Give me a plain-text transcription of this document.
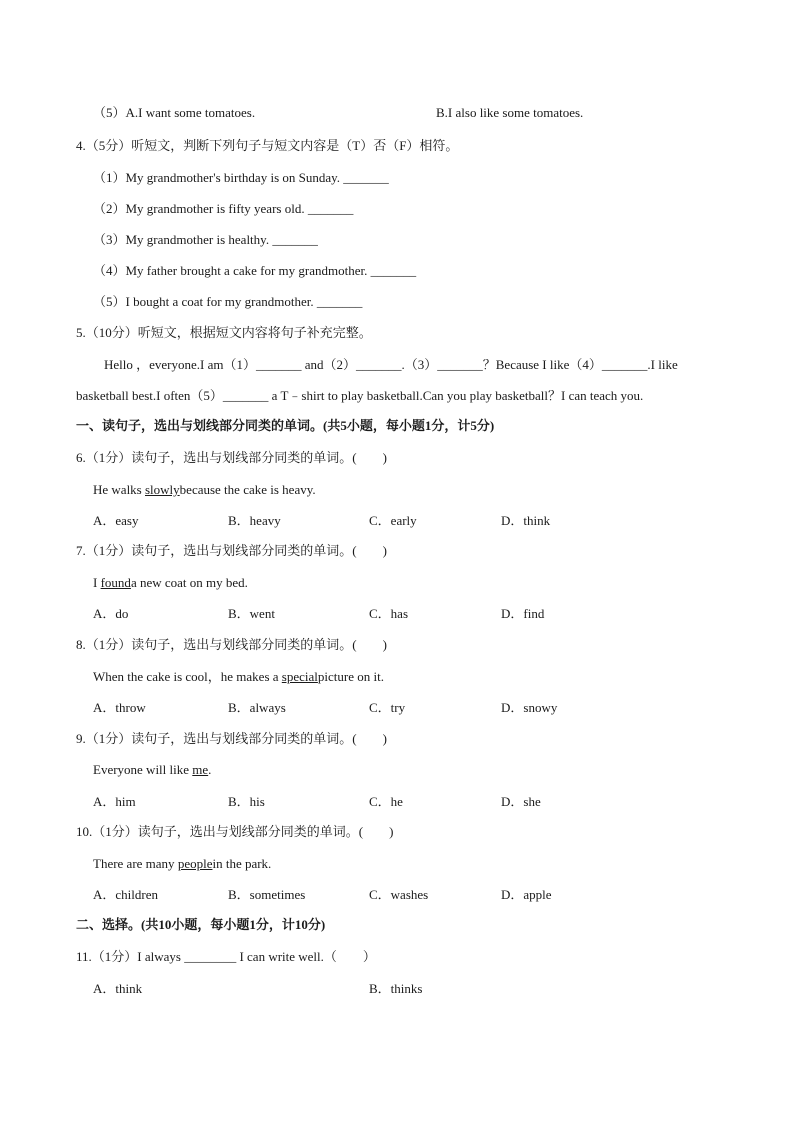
（5）A.I want some tomatoes.	B.I also like some tomatoes.
4.（5分）听短文，判断下列句子与短文内容是（T）否（F）相符。
（1）My grandmother's birthday is on Sunday. _______
（2）My grandmother is fifty years old. _______
（3）My grandmother is healthy. _______
（4）My father brought a cake for my grandmother. _______
（5）I bought a coat for my grandmother. _______
5.（10分）听短文，根据短文内容将句子补充完整。
Hello ，everyone.I am（1）_______ and（2）_______.（3）_______？Because I like（4）_______.I like
basketball best.I often（5）_______ a T﹣shirt to play basketball.Can you play basketball？I can teach you.
一、读句子，选出与划线部分同类的单词。(共5小题，每小题1分，计5分)
6.（1分）读句子，选出与划线部分同类的单词。(　　)
He walks slowlybecause the cake is heavy.
A．easy	B．heavy	C．early	D．think
7.（1分）读句子，选出与划线部分同类的单词。(　　)
I founda new coat on my bed.
A．do	B．went	C．has	D．find
8.（1分）读句子，选出与划线部分同类的单词。(　　)
When the cake is cool，he makes a specialpicture on it.
A．throw	B．always	C．try	D．snowy
9.（1分）读句子，选出与划线部分同类的单词。(　　)
Everyone will like me.
A．him	B．his	C．he	D．she
10.（1分）读句子，选出与划线部分同类的单词。(　　)
There are many peoplein the park.
A．children	B．sometimes	C．washes	D．apple
二、选择。(共10小题，每小题1分，计10分)
11.（1分）I always ________ I can write well.（　　）
A．think	B．thinks
